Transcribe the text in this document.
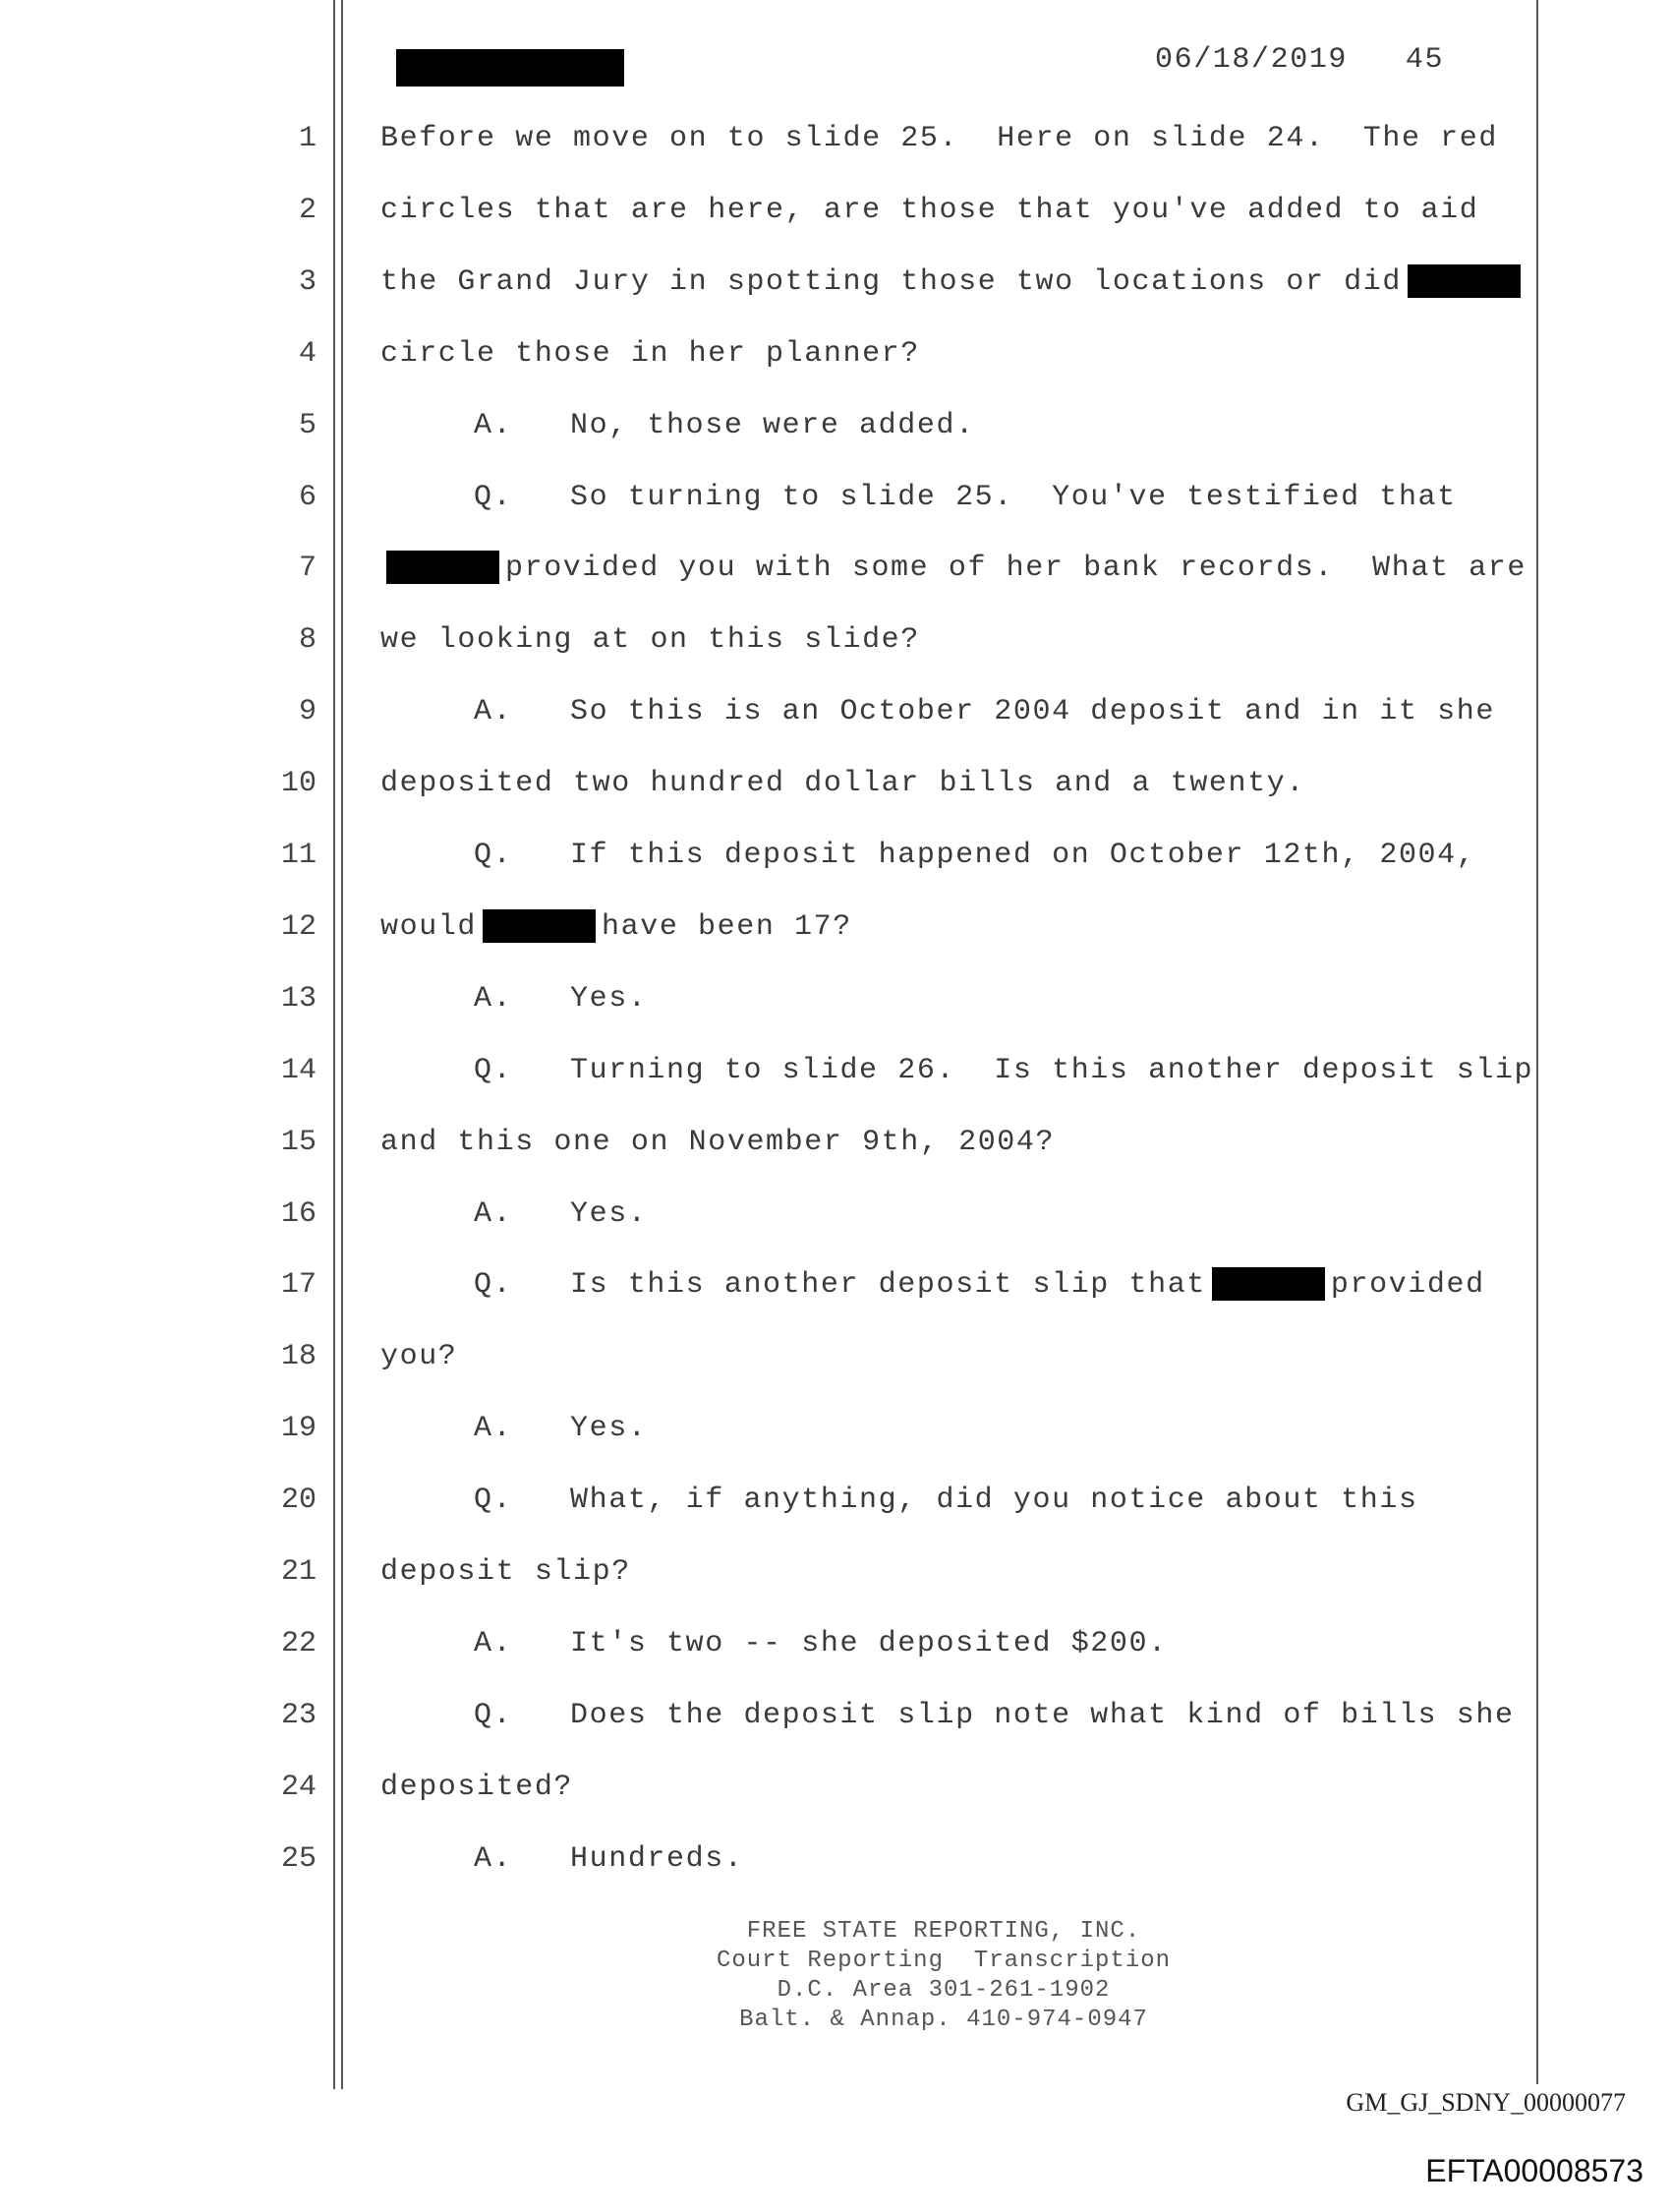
06/18/2019 45
1 Before we move on to slide 25.  Here on slide 24.  The red
2 circles that are here, are those that you've added to aid
3 the Grand Jury in spotting those two locations or did
4 circle those in her planner?
5	A.   No, those were added.
6	Q.   So turning to slide 25.  You've testified that
7	provided you with some of her bank records.  What are
8 we looking at on this slide?
9	A.   So this is an October 2004 deposit and in it she
10 deposited two hundred dollar bills and a twenty.
11	Q.   If this deposit happened on October 12th, 2004,
12 would	have been 17?
13	A.   Yes.
14	Q.   Turning to slide 26.  Is this another deposit slip
15 and this one on November 9th, 2004?
16	A.   Yes.
17	Q.   Is this another deposit slip that	provided
18 you?
19	A.   Yes.
20	Q.   What, if anything, did you notice about this
21 deposit slip?
22	A.   It's two -- she deposited $200.
23	Q.   Does the deposit slip note what kind of bills she
24 deposited?
25	A.   Hundreds.
FREE STATE REPORTING, INC.
Court Reporting  Transcription
D.C. Area 301-261-1902
Balt. & Annap. 410-974-0947
GM_GJ_SDNY_00000077
EFTA00008573
